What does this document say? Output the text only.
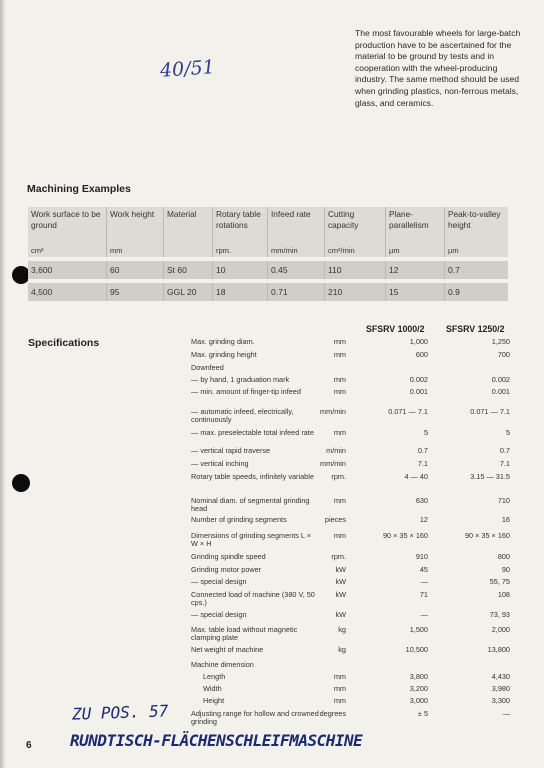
The most favourable wheels for large-batch production have to be ascertained for the material to be ground by tests and in cooperation with the wheel-producing industry. The same method should be used when grinding plastics, non-ferrous metals, glass, and ceramics.
40/51
Machining Examples
Work surface to be ground	Work height	Material	Rotary table rotations	Infeed rate	Cutting capacity	Plane-parallelism	Peak-to-valley height
cm²	mm		rpm.	mm/min	cm²/min	µm	µm

3,600	60	St 60	10	0.45	110	12	0.7

4,500	95	GGL 20	18	0.71	210	15	0.9
SFSRV 1000/2 SFSRV 1250/2
Specifications	Max. grinding diam.	mm	1,000	1,250
Max. grinding height	mm	600	700
Downfeed
— by hand, 1 graduation mark	mm	0.002	0.002
— min. amount of finger-tip infeed	mm	0.001	0.001
— automatic infeed, electrically, continuously
mm/min	0.071 — 7.1	0.071 — 7.1
— max. preselectable total infeed rate	mm	5	5
— vertical rapid traverse	m/min	0.7	0.7
— vertical inching	mm/min	7.1	7.1
Rotary table speeds, infinitely variable	rpm.	4 — 40	3.15 — 31.5
Nominal diam. of segmental grinding head
mm	630	710
Number of grinding segments	pieces	12	16
Dimensions of grinding segments L × W × H
mm	90 × 35 × 160	90 × 35 × 160
Grinding spindle speed	rpm.	910	800
Grinding motor power	kW	45	90
— special design	kW	—	55, 75
Connected load of machine (380 V, 50 cps.)
kW	71	108
— special design	kW	—	73, 93
Max. table load without magnetic clamping plate
kg	1,500	2,000
Net weight of machine	kg	10,500	13,800
Machine dimension
Length	mm	3,800	4,430
Width	mm	3,200	3,980
Height	mm	3,000	3,300
Adjusting range for hollow and crowned grinding
degrees	± 5	—
6
ZU POS. 57
RUNDTISCH-FLÄCHENSCHLEIFMASCHINE
